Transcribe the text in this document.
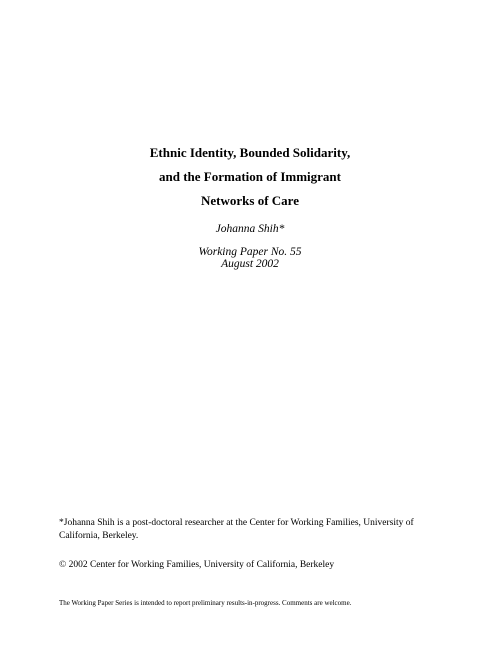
Ethnic Identity, Bounded Solidarity,

and the Formation of Immigrant

Networks of Care

Johanna Shih*
Working Paper No. 55
August 2002
*Johanna Shih is a post-doctoral researcher at the Center for Working Families, University of California, Berkeley.
© 2002 Center for Working Families, University of California, Berkeley
The Working Paper Series is intended to report preliminary results-in-progress. Comments are welcome.
